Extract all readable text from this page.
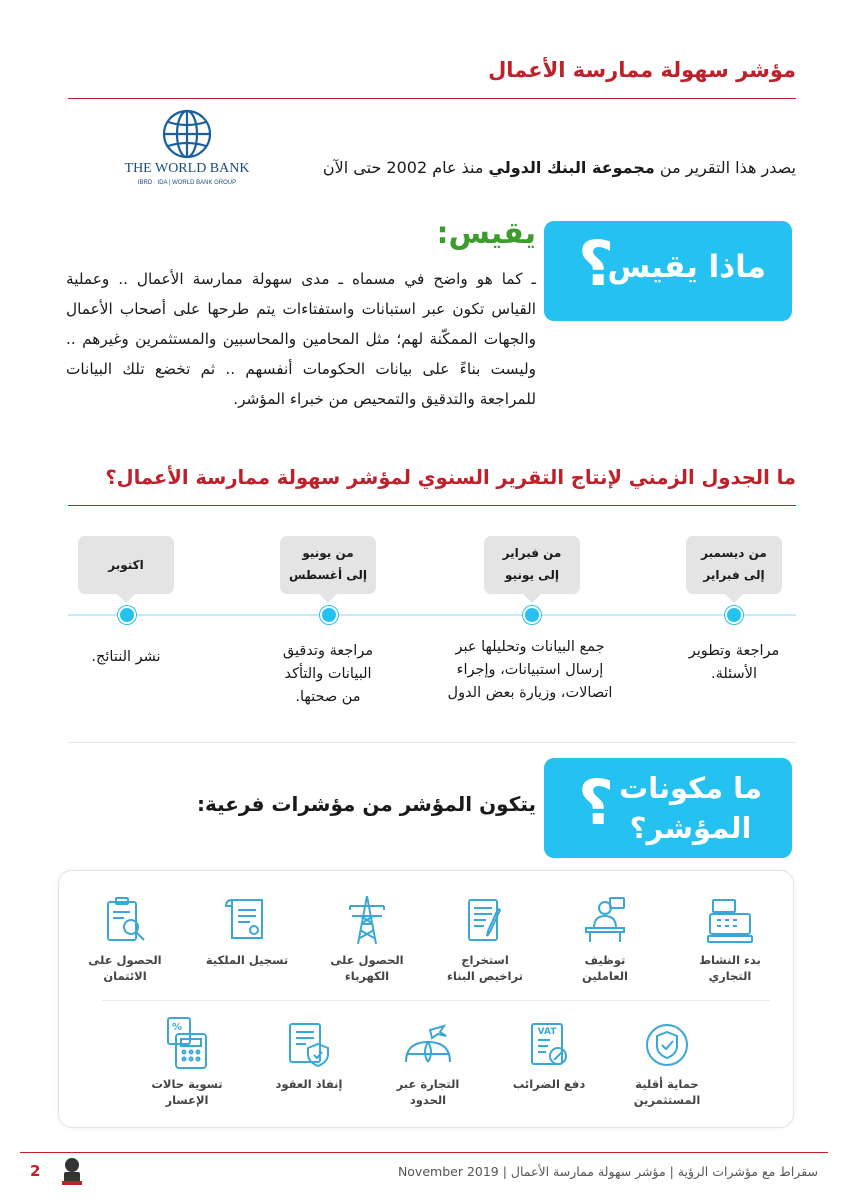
مؤشر سهولة ممارسة الأعمال
THE WORLD BANK
IBRD · IDA | WORLD BANK GROUP
يصدر هذا التقرير من مجموعة البنك الدولي منذ عام 2002 حتى الآن
ماذا يقيس
؟
يقيس:
ـ كما هو واضح في مسماه ـ مدى سهولة ممارسة الأعمال .. وعملية القياس تكون عبر استبانات واستفتاءات يتم طرحها على أصحاب الأعمال والجهات الممكّنة لهم؛ مثل المحامين والمحاسبين والمستثمرين وغيرهم .. وليست بناءً على بيانات الحكومات أنفسهم .. ثم تخضع تلك البيانات للمراجعة والتدقيق والتمحيص من خبراء المؤشر.
ما الجدول الزمني لإنتاج التقرير السنوي لمؤشر سهولة ممارسة الأعمال؟
من ديسمبر
إلى فبراير
مراجعة وتطوير
الأسئلة.
من فبراير
إلى يونيو
جمع البيانات وتحليلها عبر
إرسال استبيانات، وإجراء
اتصالات، وزيارة بعض الدول
من يونيو
إلى أغسطس
مراجعة وتدقيق
البيانات والتأكد
من صحتها.
اكتوبر
نشر النتائج.
ما مكونات
المؤشر؟
؟
يتكون المؤشر من مؤشرات فرعية:
بدء النشاط
التجاري
توظيف
العاملين
استخراج
تراخيص البناء
الحصول على
الكهرباء
تسجيل الملكية
الحصول على
الائتمان
حماية أقلية
المستثمرين
VAT
دفع الضرائب
التجارة عبر
الحدود
إنفاذ العقود
%
تسوية حالات
الإعسار
2	سقراط مع مؤشرات الرؤية | مؤشر سهولة ممارسة الأعمال | November 2019
